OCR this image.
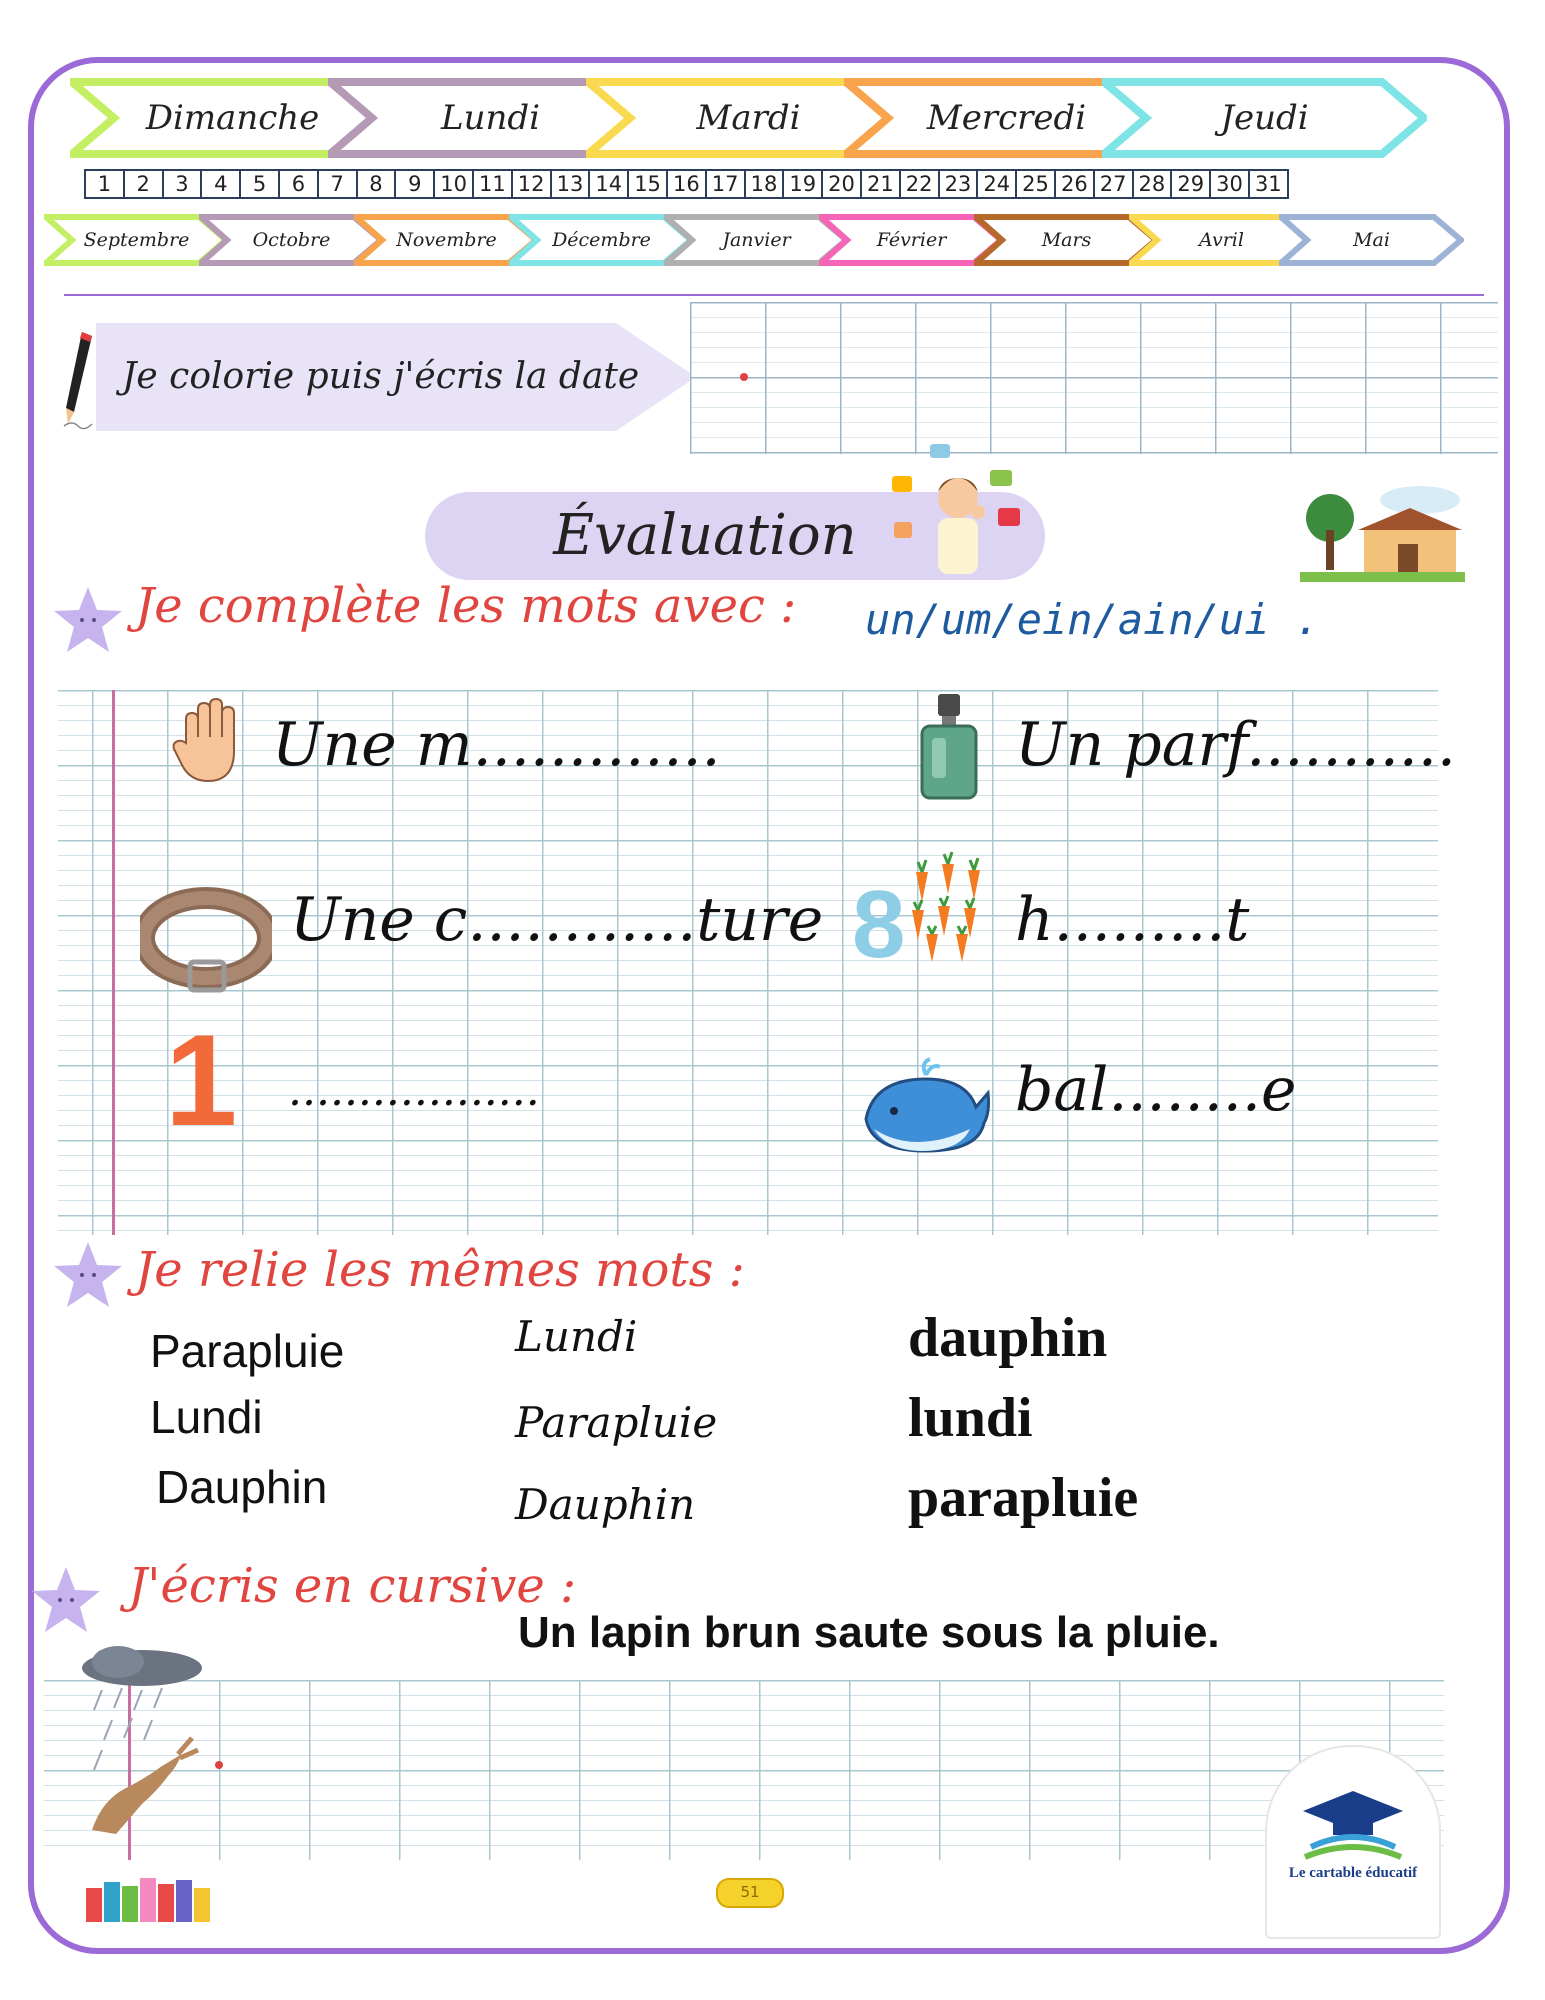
Dimanche	Lundi	Mardi	Mercredi	Jeudi
1	2	3	4	5	6	7	8	9 10 11 12 13 14 15 16 17 18 19 20 21 22 23 24 25 26 27 28 29 30 31
Septembre	Octobre	Novembre	Décembre	Janvier	Février	Mars	Avril	Mai
Je colorie puis j'écris la date
Évaluation
Je complète les mots avec : un/um/ein/ain/ui .
Une m.............	Un parf...........
Une c............ture 8 h.........t
1 ..................	bal........e
Je relie les mêmes mots :
Parapluie
Lundi
Dauphin
Lundi
Parapluie
Dauphin
dauphin
lundi
parapluie
J'écris en cursive :
Un lapin brun saute sous la pluie.
51
Le cartable éducatif
